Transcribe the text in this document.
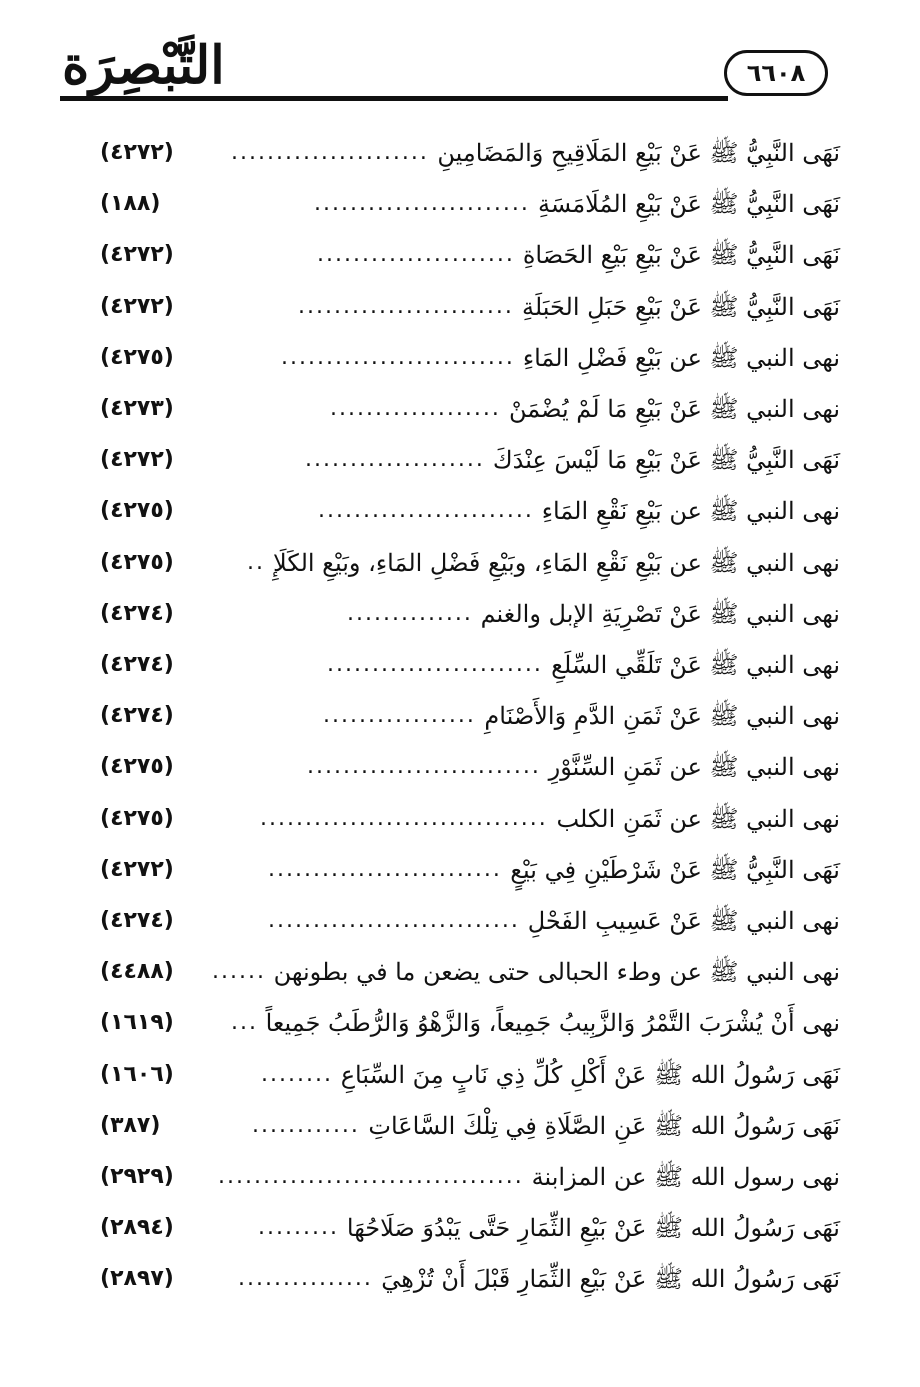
التَّبْصِرَة	٦٦٠٨
نَهَى النَّبِيُّ ﷺ عَنْ بَيْعِ المَلَاقِيحِ وَالمَضَامِينِ
......................
(٤٢٧٢)
نَهَى النَّبِيُّ ﷺ عَنْ بَيْعِ المُلَامَسَةِ
........................
(١٨٨)
نَهَى النَّبِيُّ ﷺ عَنْ بَيْعِ بَيْعِ الحَصَاةِ
......................
(٤٢٧٢)
نَهَى النَّبِيُّ ﷺ عَنْ بَيْعِ حَبَلِ الحَبَلَةِ
........................
(٤٢٧٢)
نهى النبي ﷺ عن بَيْعِ فَضْلِ المَاءِ
..........................
(٤٢٧٥)
نهى النبي ﷺ عَنْ بَيْعِ مَا لَمْ يُضْمَنْ
...................
(٤٢٧٣)
نَهَى النَّبِيُّ ﷺ عَنْ بَيْعِ مَا لَيْسَ عِنْدَكَ
....................
(٤٢٧٢)
نهى النبي ﷺ عن بَيْعِ نَقْعِ المَاءِ
........................
(٤٢٧٥)
نهى النبي ﷺ عن بَيْعِ نَقْعِ المَاءِ، وبَيْعِ فَضْلِ المَاءِ، وبَيْعِ الكَلَإِ
..
(٤٢٧٥)
نهى النبي ﷺ عَنْ تَصْرِيَةِ الإبل والغنم
..............
(٤٢٧٤)
نهى النبي ﷺ عَنْ تَلَقِّي السِّلَعِ
........................
(٤٢٧٤)
نهى النبي ﷺ عَنْ ثَمَنِ الدَّمِ وَالأَصْنَامِ
.................
(٤٢٧٤)
نهى النبي ﷺ عن ثَمَنِ السِّنَّوْرِ
..........................
(٤٢٧٥)
نهى النبي ﷺ عن ثَمَنِ الكلب
................................
(٤٢٧٥)
نَهَى النَّبِيُّ ﷺ عَنْ شَرْطَيْنِ فِي بَيْعٍ
..........................
(٤٢٧٢)
نهى النبي ﷺ عَنْ عَسِيبِ الفَحْلِ
............................
(٤٢٧٤)
نهى النبي ﷺ عن وطء الحبالى حتى يضعن ما في بطونهن
......
(٤٤٨٨)
نهى أَنْ يُشْرَبَ التَّمْرُ وَالزَّبِيبُ جَمِيعاً، وَالزَّهْوُ وَالرُّطَبُ جَمِيعاً
...
(١٦١٩)
نَهَى رَسُولُ الله ﷺ عَنْ أَكْلِ كُلِّ ذِي نَابٍ مِنَ السِّبَاعِ
........
(١٦٠٦)
نَهَى رَسُولُ الله ﷺ عَنِ الصَّلَاةِ فِي تِلْكَ السَّاعَاتِ
............
(٣٨٧)
نهى رسول الله ﷺ عن المزابنة
..................................
(٢٩٢٩)
نَهَى رَسُولُ الله ﷺ عَنْ بَيْعِ الثِّمَارِ حَتَّى يَبْدُوَ صَلَاحُهَا
.........
(٢٨٩٤)
نَهَى رَسُولُ الله ﷺ عَنْ بَيْعِ الثِّمَارِ قَبْلَ أَنْ تُزْهِيَ
...............
(٢٨٩٧)
